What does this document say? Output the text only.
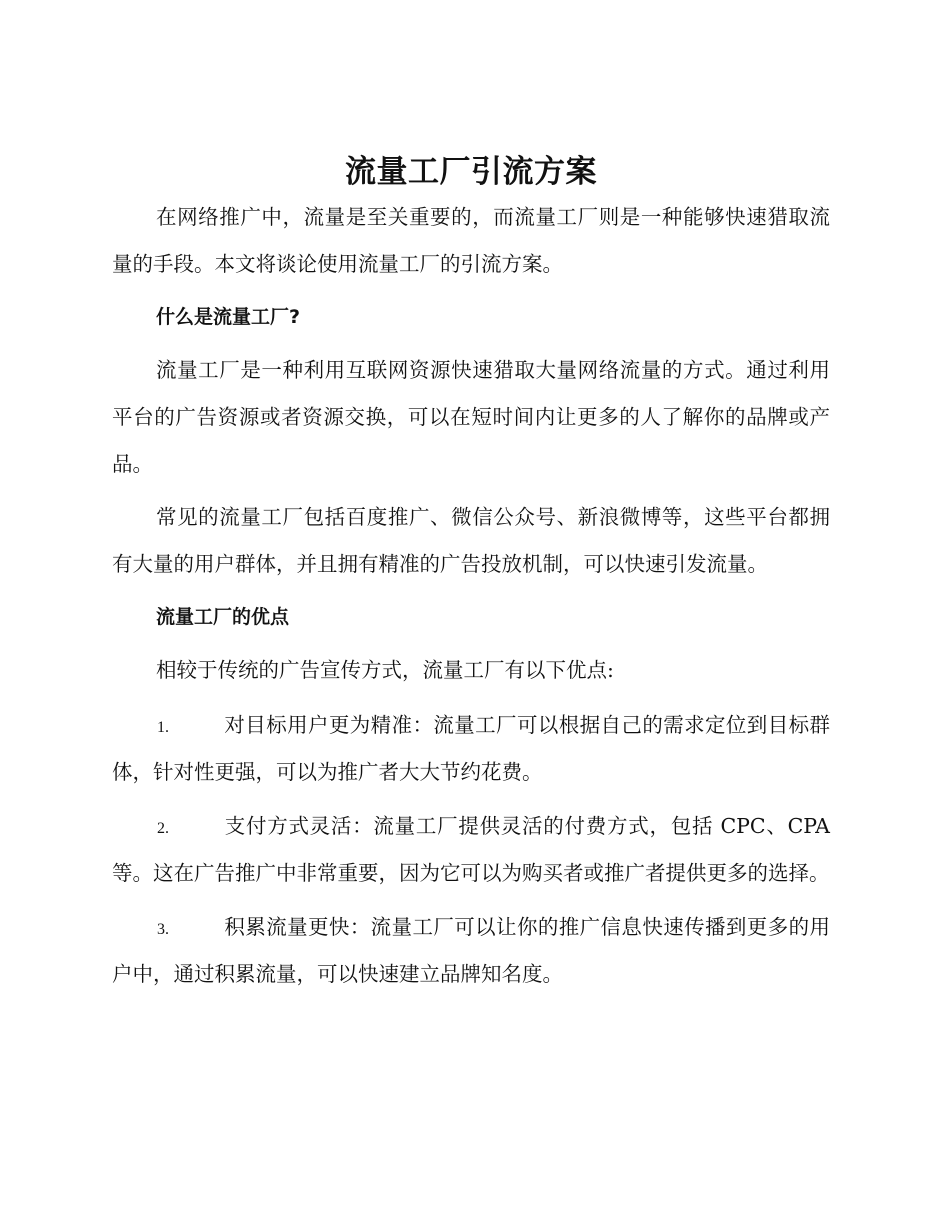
流量工厂引流方案

在网络推广中，流量是至关重要的，而流量工厂则是一种能够快速猎取流量的手段。本文将谈论使用流量工厂的引流方案。

什么是流量工厂?

流量工厂是一种利用互联网资源快速猎取大量网络流量的方式。通过利用平台的广告资源或者资源交换，可以在短时间内让更多的人了解你的品牌或产品。

常见的流量工厂包括百度推广、微信公众号、新浪微博等，这些平台都拥有大量的用户群体，并且拥有精准的广告投放机制，可以快速引发流量。

流量工厂的优点

相较于传统的广告宣传方式，流量工厂有以下优点:

1.	对目标用户更为精准：流量工厂可以根据自己的需求定位到目标群体，针对性更强，可以为推广者大大节约花费。

2.	支付方式灵活：流量工厂提供灵活的付费方式，包括 CPC、CPA 等。这在广告推广中非常重要，因为它可以为购买者或推广者提供更多的选择。

3.	积累流量更快：流量工厂可以让你的推广信息快速传播到更多的用户中，通过积累流量，可以快速建立品牌知名度。
